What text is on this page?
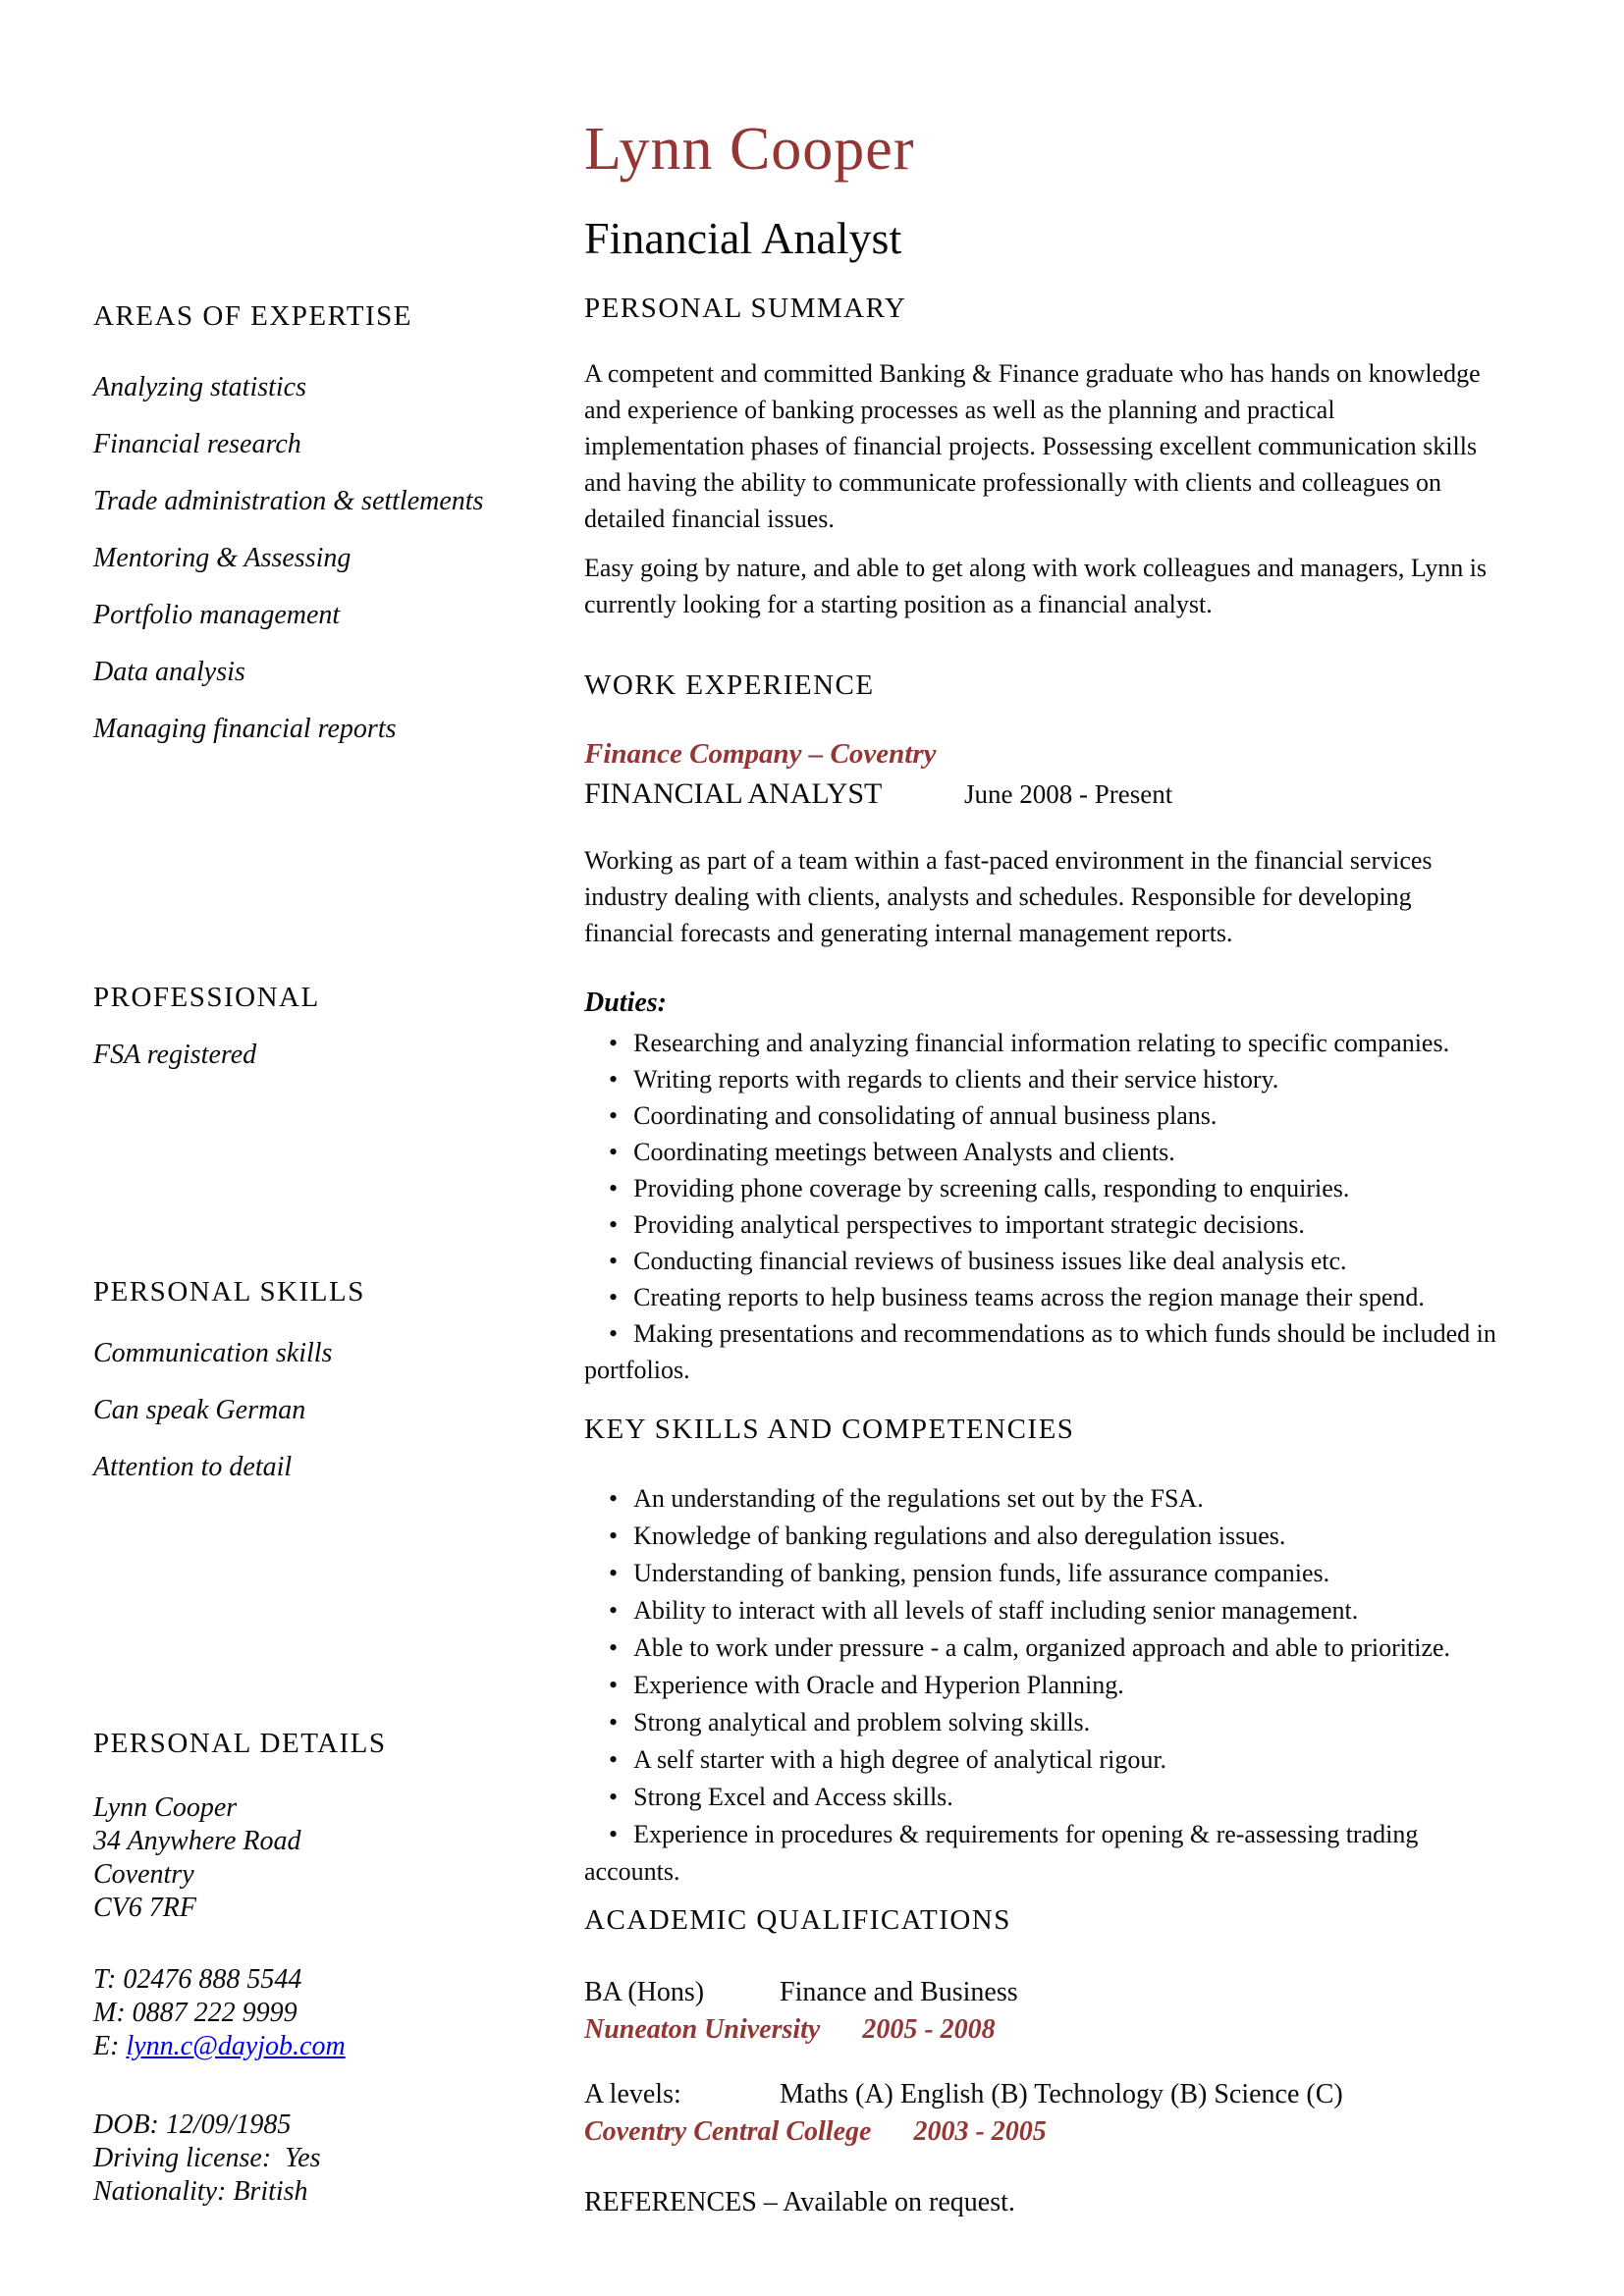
Lynn Cooper
Financial Analyst
AREAS OF EXPERTISE
Analyzing statistics
Financial research
Trade administration & settlements
Mentoring & Assessing
Portfolio management
Data analysis
Managing financial reports
PROFESSIONAL
FSA registered
PERSONAL SKILLS
Communication skills
Can speak German
Attention to detail
PERSONAL DETAILS
Lynn Cooper
34 Anywhere Road
Coventry
CV6 7RF
T: 02476 888 5544
M: 0887 222 9999
E: lynn.c@dayjob.com
DOB: 12/09/1985
Driving license:  Yes
Nationality: British
PERSONAL SUMMARY
A competent and committed Banking & Finance graduate who has hands on knowledge and experience of banking processes as well as the planning and practical implementation phases of financial projects. Possessing excellent communication skills and having the ability to communicate professionally with clients and colleagues on detailed financial issues.
Easy going by nature, and able to get along with work colleagues and managers, Lynn is currently looking for a starting position as a financial analyst.
WORK EXPERIENCE
Finance Company – Coventry
FINANCIAL ANALYST	June 2008 - Present
Working as part of a team within a fast-paced environment in the financial services industry dealing with clients, analysts and schedules. Responsible for developing financial forecasts and generating internal management reports.
Duties:
• Researching and analyzing financial information relating to specific companies.
• Writing reports with regards to clients and their service history.
• Coordinating and consolidating of annual business plans.
• Coordinating meetings between Analysts and clients.
• Providing phone coverage by screening calls, responding to enquiries.
• Providing analytical perspectives to important strategic decisions.
• Conducting financial reviews of business issues like deal analysis etc.
• Creating reports to help business teams across the region manage their spend.
• Making presentations and recommendations as to which funds should be included in portfolios.
KEY SKILLS AND COMPETENCIES
• An understanding of the regulations set out by the FSA.
• Knowledge of banking regulations and also deregulation issues.
• Understanding of banking, pension funds, life assurance companies.
• Ability to interact with all levels of staff including senior management.
• Able to work under pressure - a calm, organized approach and able to prioritize.
• Experience with Oracle and Hyperion Planning.
• Strong analytical and problem solving skills.
• A self starter with a high degree of analytical rigour.
• Strong Excel and Access skills.
• Experience in procedures & requirements for opening & re-assessing trading accounts.
ACADEMIC QUALIFICATIONS
BA (Hons)	Finance and Business
Nuneaton University 2005 - 2008
A levels:	Maths (A) English (B) Technology (B) Science (C)
Coventry Central College 2003 - 2005
REFERENCES – Available on request.
